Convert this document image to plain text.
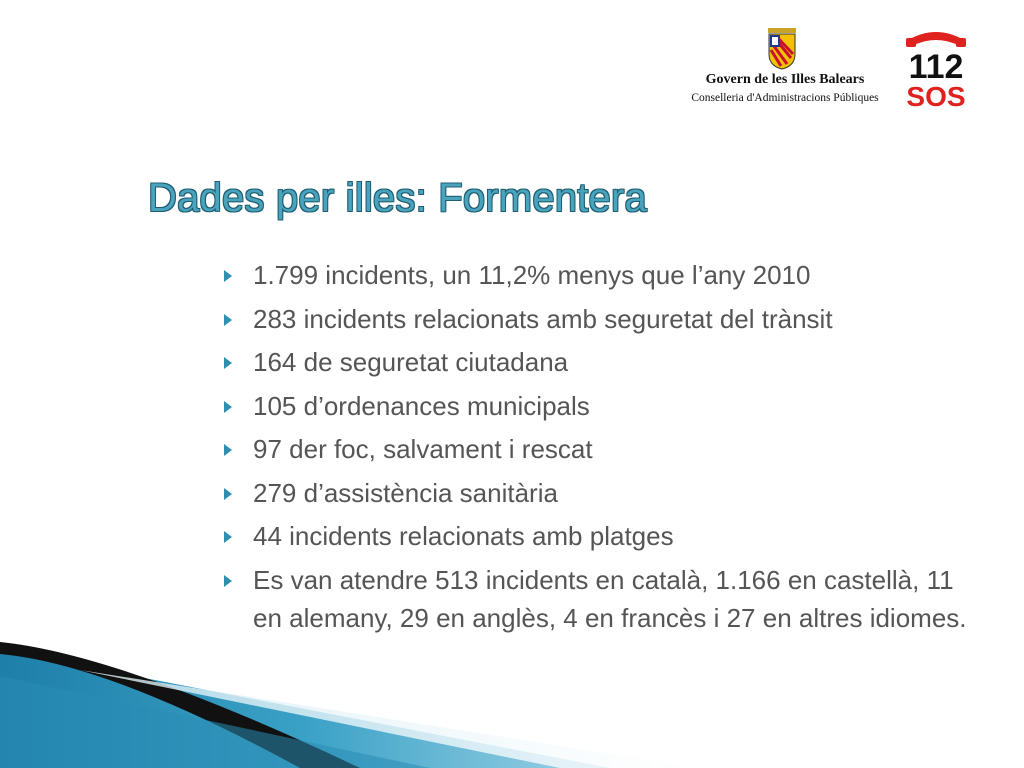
Govern de les Illes Balears
Conselleria d'Administracions Públiques
112
SOS
Dades per illes: Formentera
1.799 incidents, un 11,2% menys que l’any 2010
283 incidents relacionats amb seguretat del trànsit
164 de seguretat ciutadana
105 d’ordenances municipals
97 der foc, salvament i rescat
279 d’assistència sanitària
44 incidents relacionats amb platges
Es van atendre 513 incidents en català, 1.166 en castellà, 11 en alemany, 29 en anglès, 4 en francès i 27 en altres idiomes.
